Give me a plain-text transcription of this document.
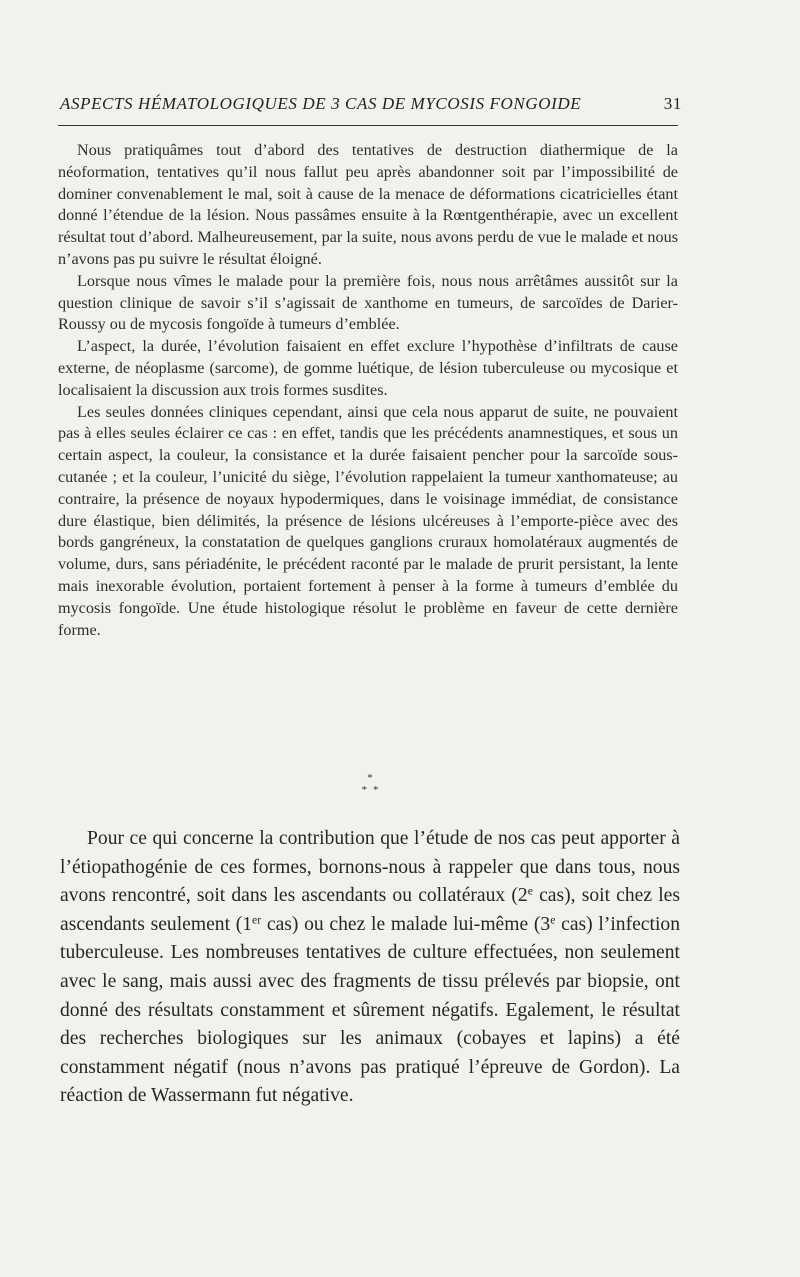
ASPECTS HÉMATOLOGIQUES DE 3 CAS DE MYCOSIS FONGOIDE	31

Nous pratiquâmes tout d’abord des tentatives de destruction diathermique de la néoformation, tentatives qu’il nous fallut peu après abandonner soit par l’impossibilité de dominer convenablement le mal, soit à cause de la menace de déformations cicatricielles étant donné l’étendue de la lésion. Nous passâmes ensuite à la Rœntgenthérapie, avec un excellent résultat tout d’abord. Malheureusement, par la suite, nous avons perdu de vue le malade et nous n’avons pas pu suivre le résultat éloigné.

Lorsque nous vîmes le malade pour la première fois, nous nous arrêtâmes aussitôt sur la question clinique de savoir s’il s’agissait de xanthome en tumeurs, de sarcoïdes de Darier-Roussy ou de mycosis fongoïde à tumeurs d’emblée.

L’aspect, la durée, l’évolution faisaient en effet exclure l’hypothèse d’infiltrats de cause externe, de néoplasme (sarcome), de gomme luétique, de lésion tuberculeuse ou mycosique et localisaient la discussion aux trois formes susdites.

Les seules données cliniques cependant, ainsi que cela nous apparut de suite, ne pouvaient pas à elles seules éclairer ce cas : en effet, tandis que les précédents anamnestiques, et sous un certain aspect, la couleur, la consistance et la durée faisaient pencher pour la sarcoïde sous-cutanée ; et la couleur, l’unicité du siège, l’évolution rappelaient la tumeur xanthomateuse; au contraire, la présence de noyaux hypodermiques, dans le voisinage immédiat, de consistance dure élastique, bien délimités, la présence de lésions ulcéreuses à l’emporte-pièce avec des bords gangréneux, la constatation de quelques ganglions cruraux homolatéraux augmentés de volume, durs, sans périadénite, le précédent raconté par le malade de prurit persistant, la lente mais inexorable évolution, portaient fortement à penser à la forme à tumeurs d’emblée du mycosis fongoïde. Une étude histologique résolut le problème en faveur de cette dernière forme.

*
**

Pour ce qui concerne la contribution que l’étude de nos cas peut apporter à l’étiopathogénie de ces formes, bornons-nous à rappeler que dans tous, nous avons rencontré, soit dans les ascendants ou collatéraux (2e cas), soit chez les ascendants seulement (1er cas) ou chez le malade lui-même (3e cas) l’infection tuberculeuse. Les nombreuses tentatives de culture effectuées, non seulement avec le sang, mais aussi avec des fragments de tissu prélevés par biopsie, ont donné des résultats constamment et sûrement négatifs. Egalement, le résultat des recherches biologiques sur les animaux (cobayes et lapins) a été constamment négatif (nous n’avons pas pratiqué l’épreuve de Gordon). La réaction de Wassermann fut négative.
